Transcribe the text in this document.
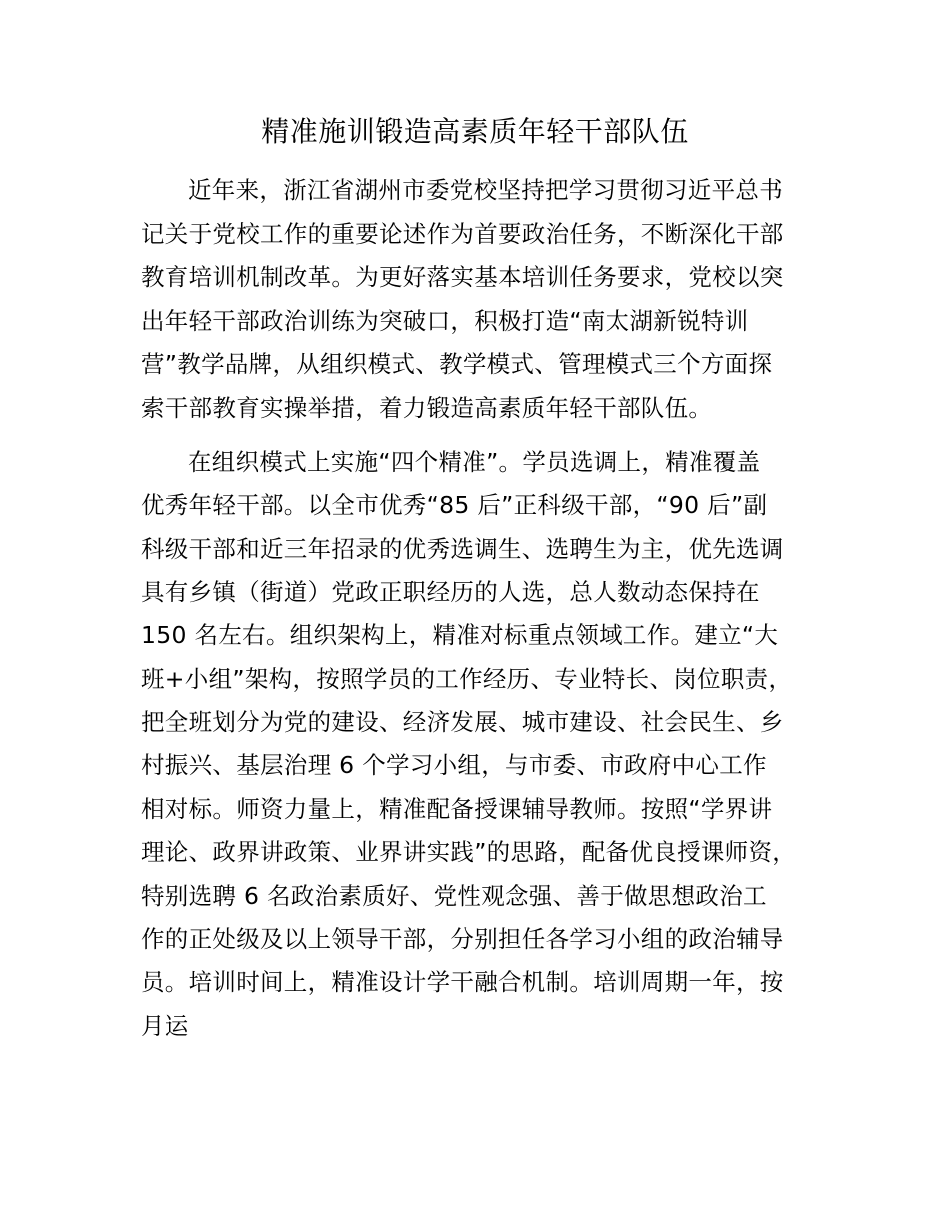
精准施训锻造高素质年轻干部队伍
近年来，浙江省湖州市委党校坚持把学习贯彻习近平总书
记关于党校工作的重要论述作为首要政治任务，不断深化干部
教育培训机制改革。为更好落实基本培训任务要求，党校以突
出年轻干部政治训练为突破口，积极打造“南太湖新锐特训
营”教学品牌，从组织模式、教学模式、管理模式三个方面探
索干部教育实操举措，着力锻造高素质年轻干部队伍。
在组织模式上实施“四个精准”。学员选调上，精准覆盖
优秀年轻干部。以全市优秀“85 后”正科级干部，“90 后”副
科级干部和近三年招录的优秀选调生、选聘生为主，优先选调
具有乡镇（街道）党政正职经历的人选，总人数动态保持在
150 名左右。组织架构上，精准对标重点领域工作。建立“大
班+小组”架构，按照学员的工作经历、专业特长、岗位职责，
把全班划分为党的建设、经济发展、城市建设、社会民生、乡
村振兴、基层治理 6 个学习小组，与市委、市政府中心工作
相对标。师资力量上，精准配备授课辅导教师。按照“学界讲
理论、政界讲政策、业界讲实践”的思路，配备优良授课师资，
特别选聘 6 名政治素质好、党性观念强、善于做思想政治工
作的正处级及以上领导干部，分别担任各学习小组的政治辅导
员。培训时间上，精准设计学干融合机制。培训周期一年，按
月运
